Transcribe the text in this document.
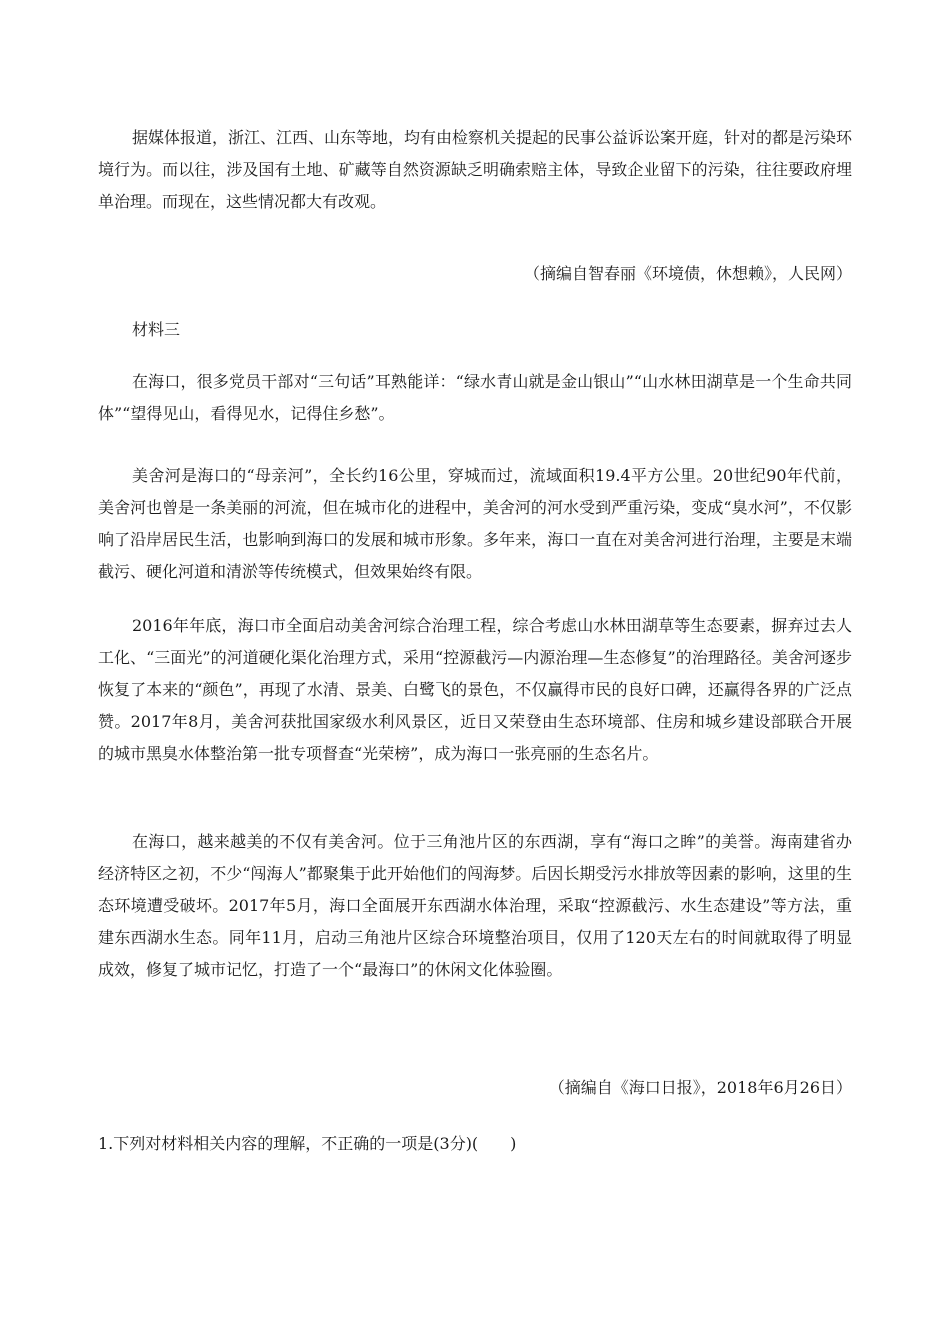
据媒体报道，浙江、江西、山东等地，均有由检察机关提起的民事公益诉讼案开庭，针对的都是污染环境行为。而以往，涉及国有土地、矿藏等自然资源缺乏明确索赔主体，导致企业留下的污染，往往要政府埋单治理。而现在，这些情况都大有改观。

（摘编自智春丽《环境债，休想赖》，人民网）

材料三

在海口，很多党员干部对“三句话”耳熟能详：“绿水青山就是金山银山”“山水林田湖草是一个生命共同体”“望得见山，看得见水，记得住乡愁”。

美舍河是海口的“母亲河”，全长约16公里，穿城而过，流域面积19.4平方公里。20世纪90年代前，美舍河也曾是一条美丽的河流，但在城市化的进程中，美舍河的河水受到严重污染，变成“臭水河”，不仅影响了沿岸居民生活，也影响到海口的发展和城市形象。多年来，海口一直在对美舍河进行治理，主要是末端截污、硬化河道和清淤等传统模式，但效果始终有限。

2016年年底，海口市全面启动美舍河综合治理工程，综合考虑山水林田湖草等生态要素，摒弃过去人工化、“三面光”的河道硬化渠化治理方式，采用“控源截污—内源治理—生态修复”的治理路径。美舍河逐步恢复了本来的“颜色”，再现了水清、景美、白鹭飞的景色，不仅赢得市民的良好口碑，还赢得各界的广泛点赞。2017年8月，美舍河获批国家级水利风景区，近日又荣登由生态环境部、住房和城乡建设部联合开展的城市黑臭水体整治第一批专项督查“光荣榜”，成为海口一张亮丽的生态名片。

在海口，越来越美的不仅有美舍河。位于三角池片区的东西湖，享有“海口之眸”的美誉。海南建省办经济特区之初，不少“闯海人”都聚集于此开始他们的闯海梦。后因长期受污水排放等因素的影响，这里的生态环境遭受破坏。2017年5月，海口全面展开东西湖水体治理，采取“控源截污、水生态建设”等方法，重建东西湖水生态。同年11月，启动三角池片区综合环境整治项目，仅用了120天左右的时间就取得了明显成效，修复了城市记忆，打造了一个“最海口”的休闲文化体验圈。

（摘编自《海口日报》，2018年6月26日）

1.下列对材料相关内容的理解，不正确的一项是(3分)(　　)
